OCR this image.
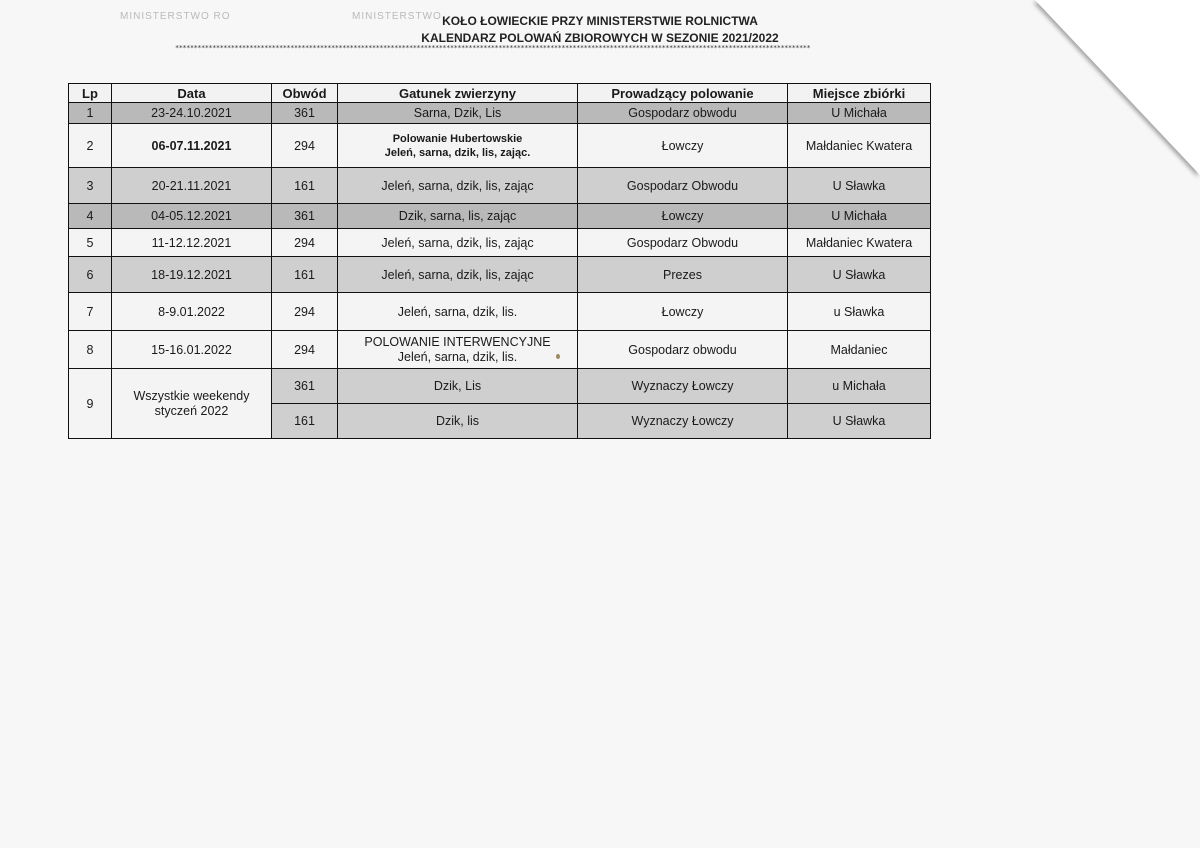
MINISTERSTWO RO	MINISTERSTWO KOŁO ŁOWIECKIE PRZY MINISTERSTWIE ROLNICTWA
KALENDARZ POLOWAŃ ZBIOROWYCH W SEZONIE 2021/2022
***************************************************************************************************************************************************************************
Lp	Data	Obwód	Gatunek zwierzyny	Prowadzący polowanie	Miejsce zbiórki
1	23-24.10.2021	361	Sarna, Dzik, Lis	Gospodarz obwodu	U Michała
2	06-07.11.2021	294	Polowanie Hubertowskie
Jeleń, sarna, dzik, lis, zając.	Łowczy	Małdaniec Kwatera
3	20-21.11.2021	161	Jeleń, sarna, dzik, lis, zając	Gospodarz Obwodu	U Sławka
4	04-05.12.2021	361	Dzik, sarna, lis, zając	Łowczy	U Michała
5	11-12.12.2021	294	Jeleń, sarna, dzik, lis, zając	Gospodarz Obwodu	Małdaniec Kwatera
6	18-19.12.2021	161	Jeleń, sarna, dzik, lis, zając	Prezes	U Sławka
7	8-9.01.2022	294	Jeleń, sarna, dzik, lis.	Łowczy	u Sławka
8	15-16.01.2022	294	POLOWANIE INTERWENCYJNE
Jeleń, sarna, dzik, lis.	Gospodarz obwodu	Małdaniec
9	Wszystkie weekendy
styczeń 2022	361	Dzik, Lis	Wyznaczy Łowczy	u Michała
		161	Dzik, lis	Wyznaczy Łowczy	U Sławka
